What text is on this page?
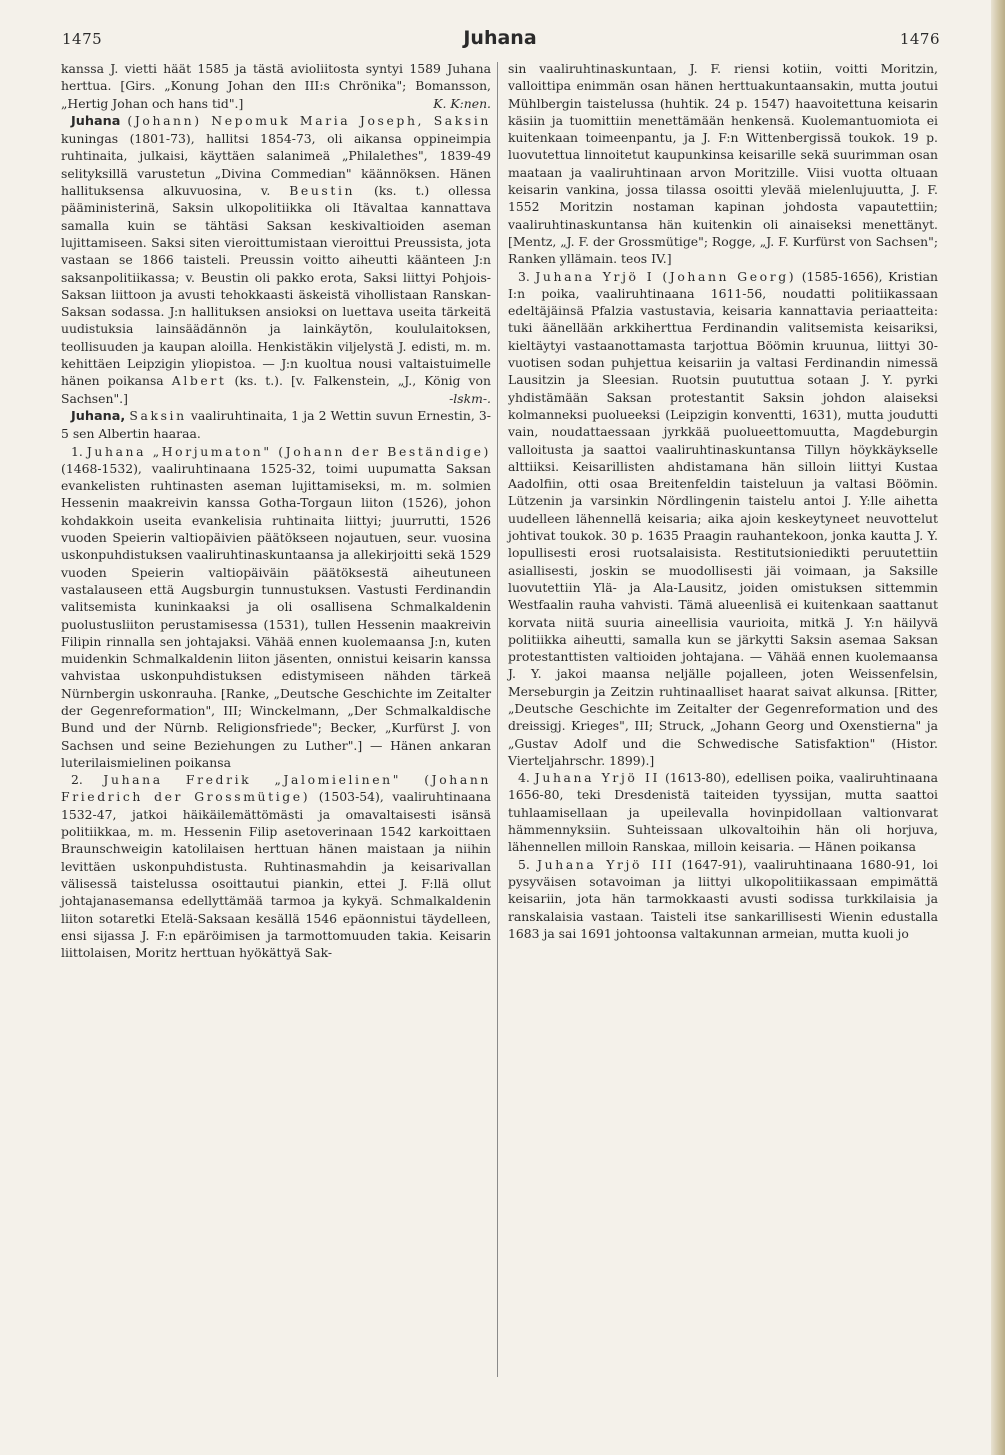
1475	Juhana	1476

kanssa J. vietti häät 1585 ja tästä avioliitosta syntyi 1589 Juhana herttua. [Girs. „Konung Johan den III:s Chrönika"; Bomansson, „Hertig Johan och hans tid".]	K. K:nen.

Juhana (Johann) Nepomuk Maria Joseph, Saksin kuningas (1801-73), hallitsi 1854-73, oli aikansa oppineimpia ruhtinaita, julkaisi, käyttäen salanimeä „Philalethes", 1839-49 selityksillä varustetun „Divina Commedian" käännöksen. Hänen hallituksensa alkuvuosina, v. Beustin (ks. t.) ollessa pääministerinä, Saksin ulkopolitiikka oli Itävaltaa kannattava samalla kuin se tähtäsi Saksan keskivaltioiden aseman lujittamiseen. Saksi siten vieroittumistaan vieroittui Preussista, jota vastaan se 1866 taisteli. Preussin voitto aiheutti käänteen J:n saksanpolitiikassa; v. Beustin oli pakko erota, Saksi liittyi Pohjois-Saksan liittoon ja avusti tehokkaasti äskeistä vihollistaan Ranskan-Saksan sodassa. J:n hallituksen ansioksi on luettava useita tärkeitä uudistuksia lainsäädännön ja lainkäytön, koululaitoksen, teollisuuden ja kaupan aloilla. Henkistäkin viljelystä J. edisti, m. m. kehittäen Leipzigin yliopistoa. — J:n kuoltua nousi valtaistuimelle hänen poikansa Albert (ks. t.). [v. Falkenstein, „J., König von Sachsen".]	-lskm-.

Juhana, Saksin vaaliruhtinaita, 1 ja 2 Wettin suvun Ernestin, 3-5 sen Albertin haaraa.

1. Juhana „Horjumaton" (Johann der Beständige) (1468-1532), vaaliruhtinaana 1525-32, toimi uupumatta Saksan evankelisten ruhtinasten aseman lujittamiseksi, m. m. solmien Hessenin maakreivin kanssa Gotha-Torgaun liiton (1526), johon kohdakkoin useita evankelisia ruhtinaita liittyi; juurrutti, 1526 vuoden Speierin valtiopäivien päätökseen nojautuen, seur. vuosina uskonpuhdistuksen vaaliruhtinaskuntaansa ja allekirjoitti sekä 1529 vuoden Speierin valtiopäiväin päätöksestä aiheutuneen vastalauseen että Augsburgin tunnustuksen. Vastusti Ferdinandin valitsemista kuninkaaksi ja oli osallisena Schmalkaldenin puolustusliiton perustamisessa (1531), tullen Hessenin maakreivin Filipin rinnalla sen johtajaksi. Vähää ennen kuolemaansa J:n, kuten muidenkin Schmalkaldenin liiton jäsenten, onnistui keisarin kanssa vahvistaa uskonpuhdistuksen edistymiseen nähden tärkeä Nürnbergin uskonrauha. [Ranke, „Deutsche Geschichte im Zeitalter der Gegenreformation", III; Winckelmann, „Der Schmalkaldische Bund und der Nürnb. Religionsfriede"; Becker, „Kurfürst J. von Sachsen und seine Beziehungen zu Luther".] — Hänen ankaran luterilaismielinen poikansa

2. Juhana Fredrik „Jalomielinen" (Johann Friedrich der Grossmütige) (1503-54), vaaliruhtinaana 1532-47, jatkoi häikäilemättömästi ja omavaltaisesti isänsä politiikkaa, m. m. Hessenin Filip asetoverinaan 1542 karkoittaen Braunschweigin katolilaisen herttuan hänen maistaan ja niihin levittäen uskonpuhdistusta. Ruhtinasmahdin ja keisarivallan välisessä taistelussa osoittautui piankin, ettei J. F:llä ollut johtajanasemansa edellyttämää tarmoa ja kykyä. Schmalkaldenin liiton sotaretki Etelä-Saksaan kesällä 1546 epäonnistui täydelleen, ensi sijassa J. F:n epäröimisen ja tarmottomuuden takia. Keisarin liittolaisen, Moritz herttuan hyökättyä Sak-

sin vaaliruhtinaskuntaan, J. F. riensi kotiin, voitti Moritzin, valloittipa enimmän osan hänen herttuakuntaansakin, mutta joutui Mühlbergin taistelussa (huhtik. 24 p. 1547) haavoitettuna keisarin käsiin ja tuomittiin menettämään henkensä. Kuolemantuomiota ei kuitenkaan toimeenpantu, ja J. F:n Wittenbergissä toukok. 19 p. luovutettua linnoitetut kaupunkinsa keisarille sekä suurimman osan maataan ja vaaliruhtinaan arvon Moritzille. Viisi vuotta oltuaan keisarin vankina, jossa tilassa osoitti ylevää mielenlujuutta, J. F. 1552 Moritzin nostaman kapinan johdosta vapautettiin; vaaliruhtinaskuntansa hän kuitenkin oli ainaiseksi menettänyt. [Mentz, „J. F. der Grossmütige"; Rogge, „J. F. Kurfürst von Sachsen"; Ranken yllämain. teos IV.]

3. Juhana Yrjö I (Johann Georg) (1585-1656), Kristian I:n poika, vaaliruhtinaana 1611-56, noudatti politiikassaan edeltäjäinsä Pfalzia vastustavia, keisaria kannattavia periaatteita: tuki äänellään arkkiherttua Ferdinandin valitsemista keisariksi, kieltäytyi vastaanottamasta tarjottua Böömin kruunua, liittyi 30-vuotisen sodan puhjettua keisariin ja valtasi Ferdinandin nimessä Lausitzin ja Sleesian. Ruotsin puututtua sotaan J. Y. pyrki yhdistämään Saksan protestantit Saksin johdon alaiseksi kolmanneksi puolueeksi (Leipzigin konventti, 1631), mutta joudutti vain, noudattaessaan jyrkkää puolueettomuutta, Magdeburgin valloitusta ja saattoi vaaliruhtinaskuntansa Tillyn höykkäykselle alttiiksi. Keisarillisten ahdistamana hän silloin liittyi Kustaa Aadolfiin, otti osaa Breitenfeldin taisteluun ja valtasi Böömin. Lützenin ja varsinkin Nördlingenin taistelu antoi J. Y:lle aihetta uudelleen lähennellä keisaria; aika ajoin keskeytyneet neuvottelut johtivat toukok. 30 p. 1635 Praagin rauhantekoon, jonka kautta J. Y. lopullisesti erosi ruotsalaisista. Restitutsioniedikti peruutettiin asiallisesti, joskin se muodollisesti jäi voimaan, ja Saksille luovutettiin Ylä- ja Ala-Lausitz, joiden omistuksen sittemmin Westfaalin rauha vahvisti. Tämä alueenlisä ei kuitenkaan saattanut korvata niitä suuria aineellisia vaurioita, mitkä J. Y:n häilyvä politiikka aiheutti, samalla kun se järkytti Saksin asemaa Saksan protestanttisten valtioiden johtajana. — Vähää ennen kuolemaansa J. Y. jakoi maansa neljälle pojalleen, joten Weissenfelsin, Merseburgin ja Zeitzin ruhtinaalliset haarat saivat alkunsa. [Ritter, „Deutsche Geschichte im Zeitalter der Gegenreformation und des dreissigj. Krieges", III; Struck, „Johann Georg und Oxenstierna" ja „Gustav Adolf und die Schwedische Satisfaktion" (Histor. Vierteljahrschr. 1899).]

4. Juhana Yrjö II (1613-80), edellisen poika, vaaliruhtinaana 1656-80, teki Dresdenistä taiteiden tyyssijan, mutta saattoi tuhlaamisellaan ja upeilevalla hovinpidollaan valtionvarat hämmennyksiin. Suhteissaan ulkovaltoihin hän oli horjuva, lähennellen milloin Ranskaa, milloin keisaria. — Hänen poikansa

5. Juhana Yrjö III (1647-91), vaaliruhtinaana 1680-91, loi pysyväisen sotavoiman ja liittyi ulkopolitiikassaan empimättä keisariin, jota hän tarmokkaasti avusti sodissa turkkilaisia ja ranskalaisia vastaan. Taisteli itse sankarillisesti Wienin edustalla 1683 ja sai 1691 johtoonsa valtakunnan armeian, mutta kuoli jo
